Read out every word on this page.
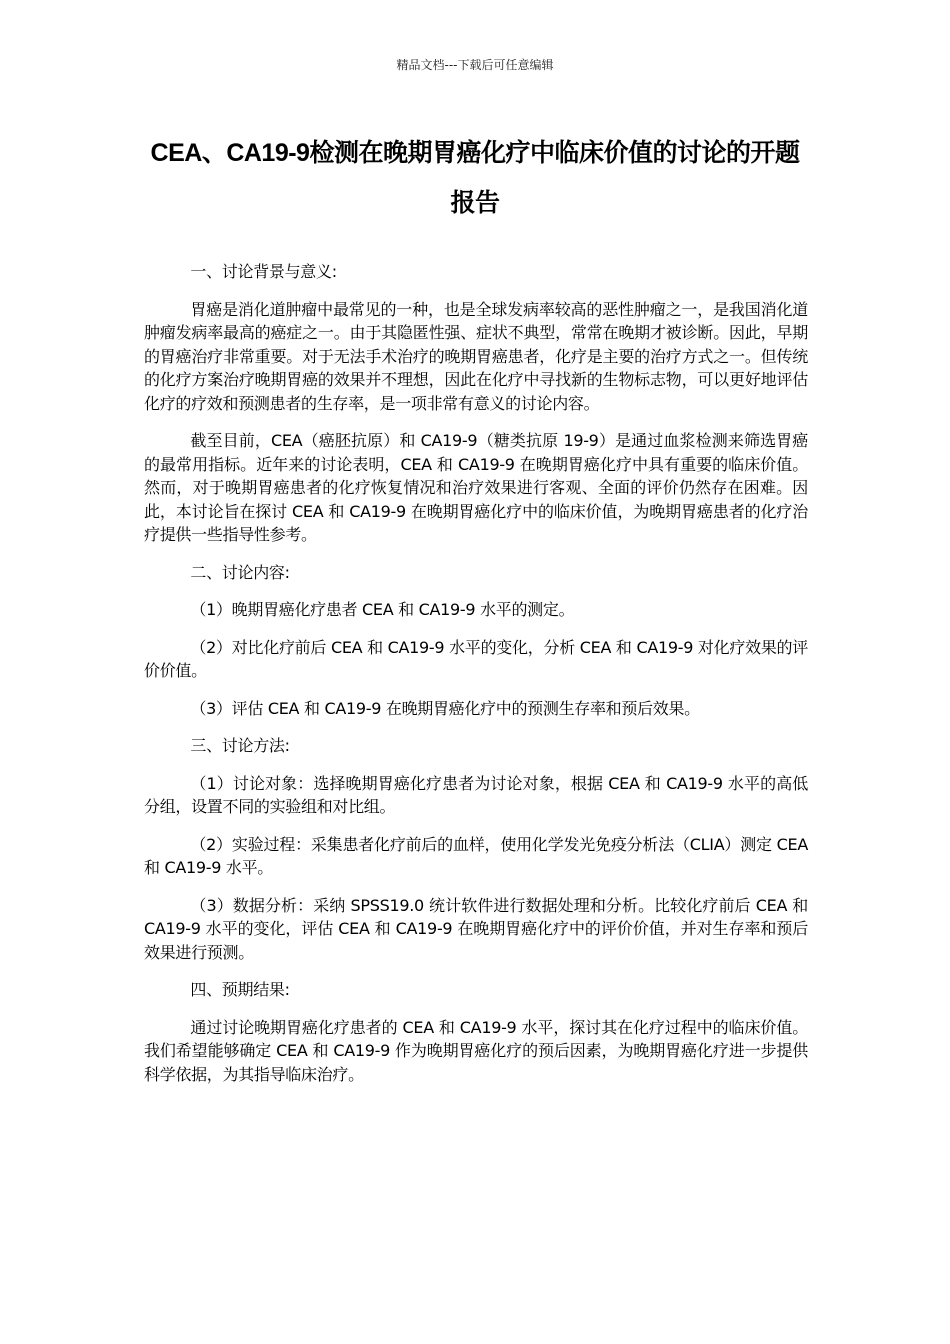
精品文档---下载后可任意编辑
CEA、CA19-9检测在晚期胃癌化疗中临床价值的讨论的开题报告

一、讨论背景与意义:

胃癌是消化道肿瘤中最常见的一种，也是全球发病率较高的恶性肿瘤之一，是我国消化道肿瘤发病率最高的癌症之一。由于其隐匿性强、症状不典型，常常在晚期才被诊断。因此，早期的胃癌治疗非常重要。对于无法手术治疗的晚期胃癌患者，化疗是主要的治疗方式之一。但传统的化疗方案治疗晚期胃癌的效果并不理想，因此在化疗中寻找新的生物标志物，可以更好地评估化疗的疗效和预测患者的生存率，是一项非常有意义的讨论内容。

截至目前，CEA（癌胚抗原）和 CA19-9（糖类抗原 19-9）是通过血浆检测来筛选胃癌的最常用指标。近年来的讨论表明，CEA 和 CA19-9 在晚期胃癌化疗中具有重要的临床价值。然而，对于晚期胃癌患者的化疗恢复情况和治疗效果进行客观、全面的评价仍然存在困难。因此，本讨论旨在探讨 CEA 和 CA19-9 在晚期胃癌化疗中的临床价值，为晚期胃癌患者的化疗治疗提供一些指导性参考。

二、讨论内容:

（1）晚期胃癌化疗患者 CEA 和 CA19-9 水平的测定。

（2）对比化疗前后 CEA 和 CA19-9 水平的变化，分析 CEA 和 CA19-9 对化疗效果的评价价值。

（3）评估 CEA 和 CA19-9 在晚期胃癌化疗中的预测生存率和预后效果。

三、讨论方法:

（1）讨论对象：选择晚期胃癌化疗患者为讨论对象，根据 CEA 和 CA19-9 水平的高低分组，设置不同的实验组和对比组。

（2）实验过程：采集患者化疗前后的血样，使用化学发光免疫分析法（CLIA）测定 CEA 和 CA19-9 水平。

（3）数据分析：采纳 SPSS19.0 统计软件进行数据处理和分析。比较化疗前后 CEA 和 CA19-9 水平的变化，评估 CEA 和 CA19-9 在晚期胃癌化疗中的评价价值，并对生存率和预后效果进行预测。

四、预期结果:

通过讨论晚期胃癌化疗患者的 CEA 和 CA19-9 水平，探讨其在化疗过程中的临床价值。我们希望能够确定 CEA 和 CA19-9 作为晚期胃癌化疗的预后因素，为晚期胃癌化疗进一步提供科学依据，为其指导临床治疗。
